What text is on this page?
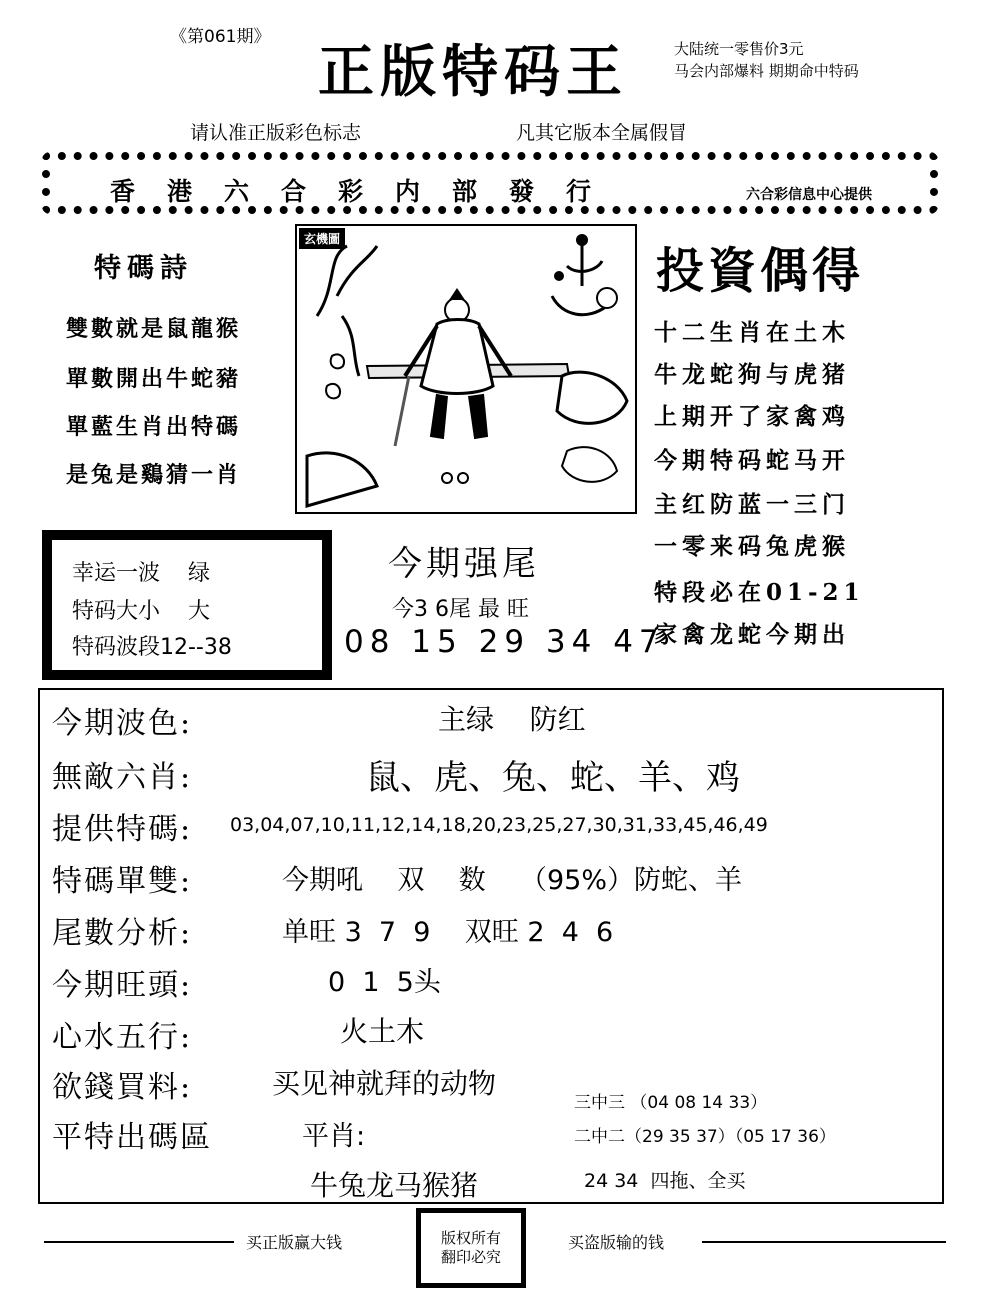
《第061期》
正版特码王	大陆统一零售价3元
马会内部爆料 期期命中特码
请认准正版彩色标志	凡其它版本全属假冒
香港六合彩内部發行	六合彩信息中心提供
特碼詩
雙數就是鼠龍猴
單數開出牛蛇豬
單藍生肖出特碼
是兔是鷄猜一肖
玄機圖
投資偶得
十二生肖在土木
牛龙蛇狗与虎猪
上期开了家禽鸡
今期特码蛇马开
主红防蓝一三门
一零来码兔虎猴
特段必在01-21
家禽龙蛇今期出
幸运一波    绿
特码大小    大
特码波段12--38
今期强尾
今3 6尾 最 旺
08 15 29 34 47
今期波色:	主绿    防红
無敵六肖:	鼠、虎、兔、蛇、羊、鸡
提供特碼: 03,04,07,10,11,12,14,18,20,23,25,27,30,31,33,45,46,49
特碼單雙:	今期吼    双    数    （95%）防蛇、羊
尾數分析:	单旺 3  7  9    双旺 2  4  6
今期旺頭:	0  1  5头
心水五行:	火土木
欲錢買料:	买见神就拜的动物
平特出碼區	平肖:
三中三 （04 08 14 33）
二中二（29 35 37）（05 17 36）
牛兔龙马猴猪	24 34  四拖、全买
买正版赢大钱	版权所有
翻印必究
买盗版输的钱
